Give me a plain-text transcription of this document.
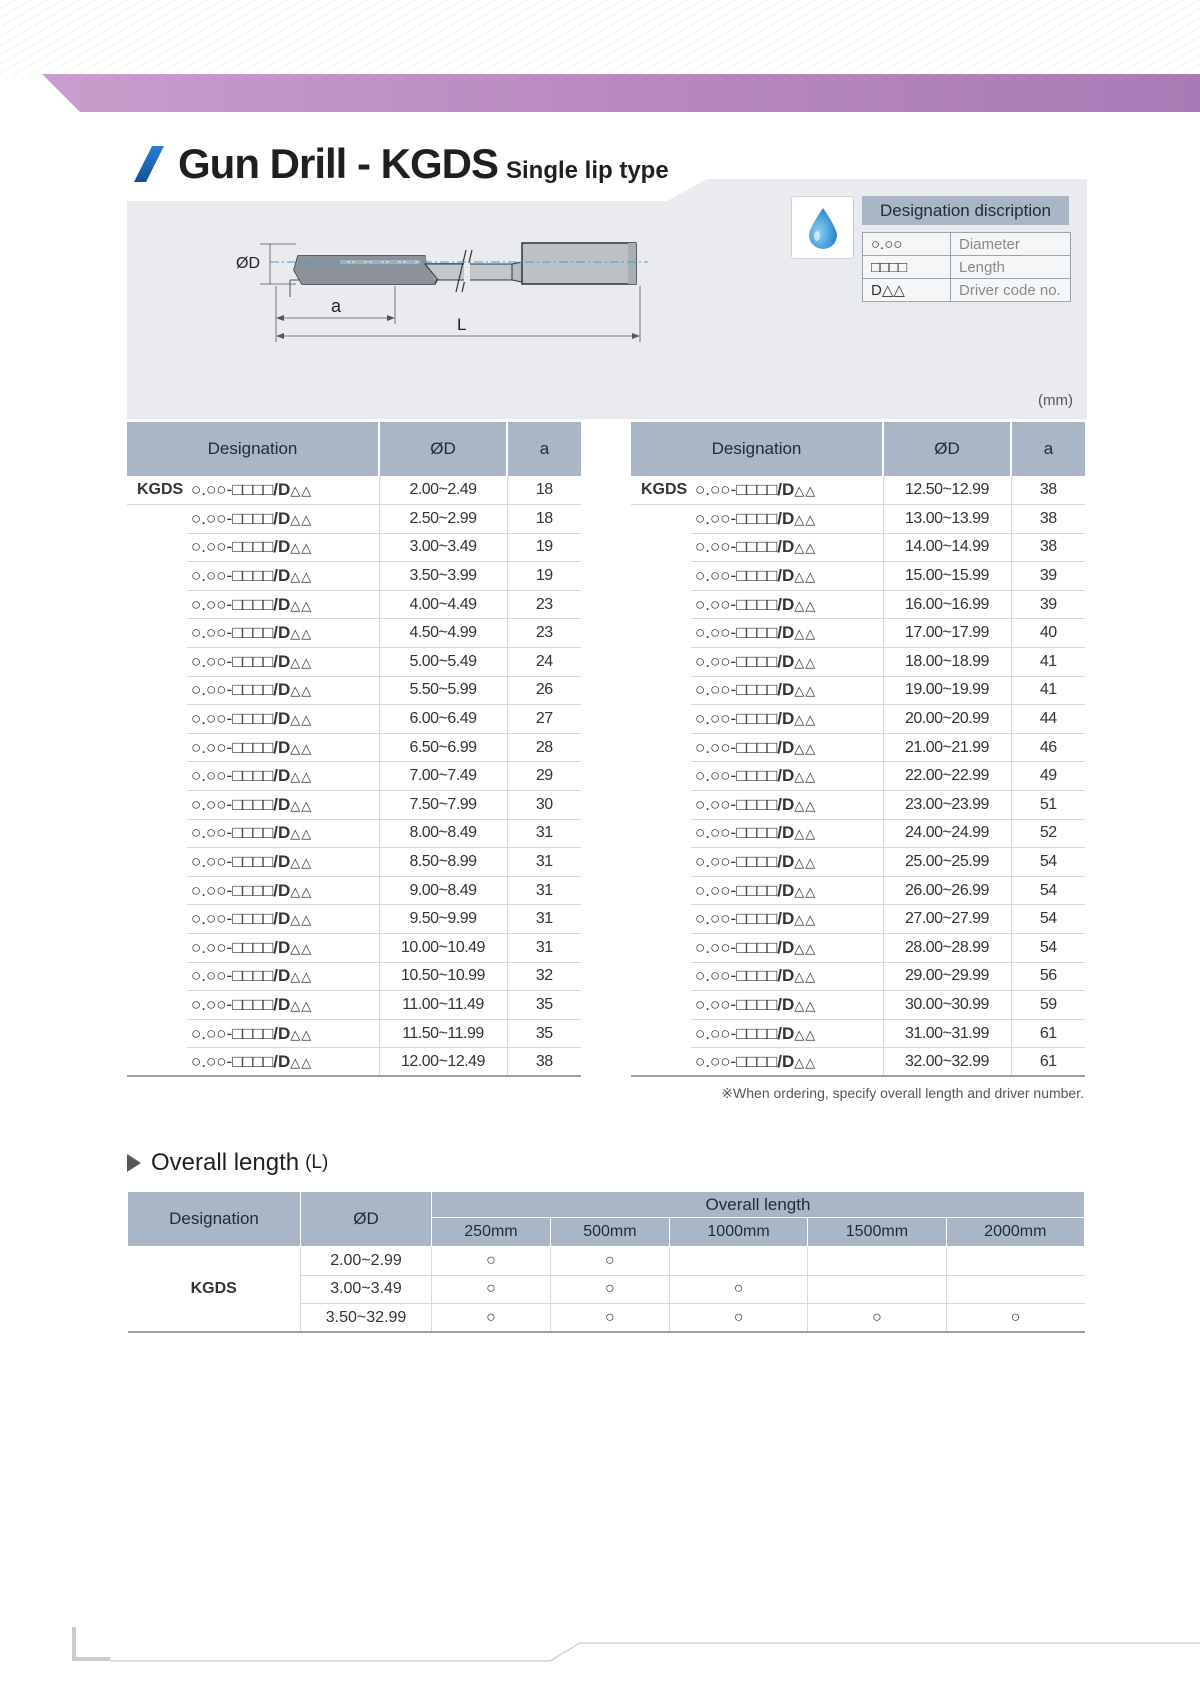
Gun Drill - KGDS Single lip type
ØD
a
L
Designation discription
○.○○	Diameter
□□□□	Length
D△△	Driver code no.
(mm)
Designation		ØD	a
KGDS	○.○○-□□□□/D△△	2.00~2.49	18
	○.○○-□□□□/D△△	2.50~2.99	18
	○.○○-□□□□/D△△	3.00~3.49	19
	○.○○-□□□□/D△△	3.50~3.99	19
	○.○○-□□□□/D△△	4.00~4.49	23
	○.○○-□□□□/D△△	4.50~4.99	23
	○.○○-□□□□/D△△	5.00~5.49	24
	○.○○-□□□□/D△△	5.50~5.99	26
	○.○○-□□□□/D△△	6.00~6.49	27
	○.○○-□□□□/D△△	6.50~6.99	28
	○.○○-□□□□/D△△	7.00~7.49	29
	○.○○-□□□□/D△△	7.50~7.99	30
	○.○○-□□□□/D△△	8.00~8.49	31
	○.○○-□□□□/D△△	8.50~8.99	31
	○.○○-□□□□/D△△	9.00~8.49	31
	○.○○-□□□□/D△△	9.50~9.99	31
	○.○○-□□□□/D△△	10.00~10.49	31
	○.○○-□□□□/D△△	10.50~10.99	32
	○.○○-□□□□/D△△	11.00~11.49	35
	○.○○-□□□□/D△△	11.50~11.99	35
	○.○○-□□□□/D△△	12.00~12.49	38
Designation		ØD	a
KGDS	○.○○-□□□□/D△△	12.50~12.99	38
	○.○○-□□□□/D△△	13.00~13.99	38
	○.○○-□□□□/D△△	14.00~14.99	38
	○.○○-□□□□/D△△	15.00~15.99	39
	○.○○-□□□□/D△△	16.00~16.99	39
	○.○○-□□□□/D△△	17.00~17.99	40
	○.○○-□□□□/D△△	18.00~18.99	41
	○.○○-□□□□/D△△	19.00~19.99	41
	○.○○-□□□□/D△△	20.00~20.99	44
	○.○○-□□□□/D△△	21.00~21.99	46
	○.○○-□□□□/D△△	22.00~22.99	49
	○.○○-□□□□/D△△	23.00~23.99	51
	○.○○-□□□□/D△△	24.00~24.99	52
	○.○○-□□□□/D△△	25.00~25.99	54
	○.○○-□□□□/D△△	26.00~26.99	54
	○.○○-□□□□/D△△	27.00~27.99	54
	○.○○-□□□□/D△△	28.00~28.99	54
	○.○○-□□□□/D△△	29.00~29.99	56
	○.○○-□□□□/D△△	30.00~30.99	59
	○.○○-□□□□/D△△	31.00~31.99	61
	○.○○-□□□□/D△△	32.00~32.99	61
※When ordering, specify overall length and driver number.
Overall length (L)
Designation	ØD	Overall length				
		250mm	500mm	1000mm	1500mm	2000mm
KGDS	2.00~2.99	○	○			
	3.00~3.49	○	○	○		
	3.50~32.99	○	○	○	○	○
